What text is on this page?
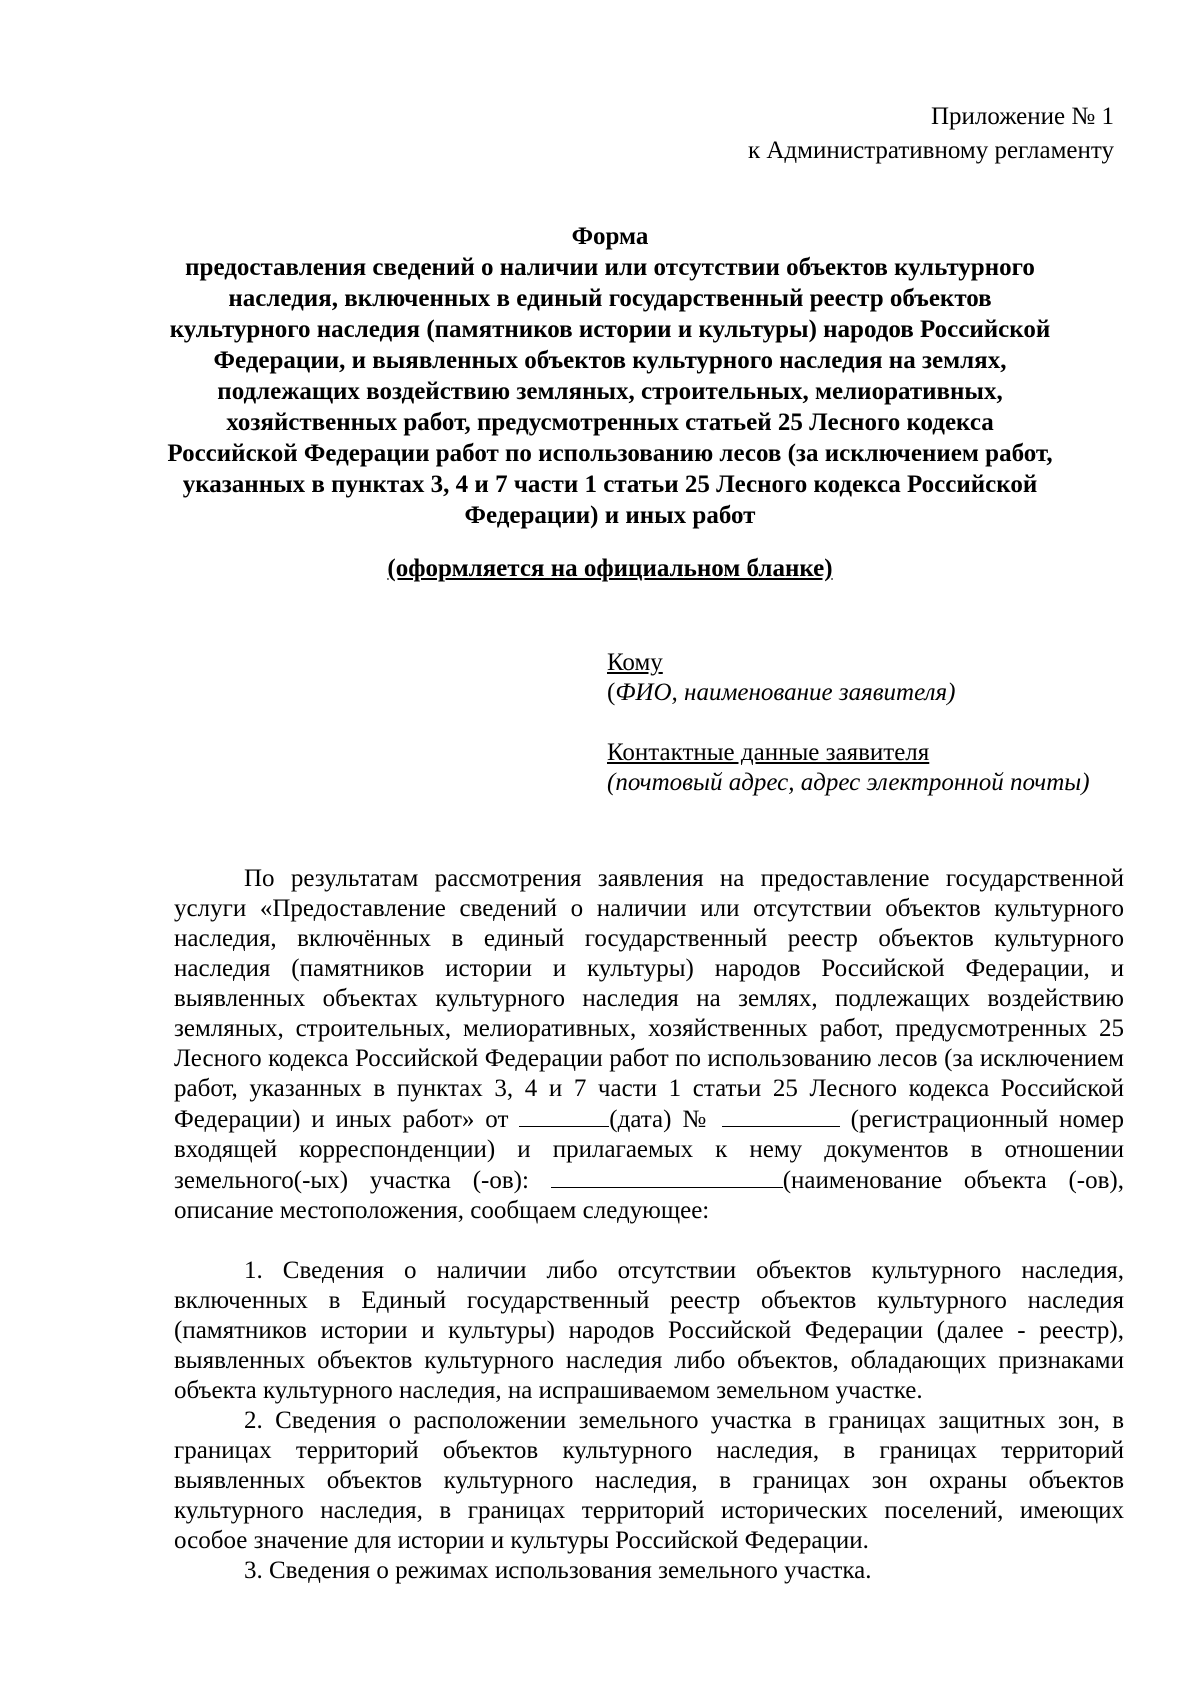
Приложение № 1
к Административному регламенту
Форма
предоставления сведений о наличии или отсутствии объектов культурного
наследия, включенных в единый государственный реестр объектов
культурного наследия (памятников истории и культуры) народов Российской
Федерации, и выявленных объектов культурного наследия на землях,
подлежащих воздействию земляных, строительных, мелиоративных,
хозяйственных работ, предусмотренных статьей 25 Лесного кодекса
Российской Федерации работ по использованию лесов (за исключением работ,
указанных в пунктах 3, 4 и 7 части 1 статьи 25 Лесного кодекса Российской
Федерации) и иных работ
(оформляется на официальном бланке)
Кому
(ФИО, наименование заявителя)
Контактные данные заявителя
(почтовый адрес, адрес электронной почты)

По результатам рассмотрения заявления на предоставление государственной услуги «Предоставление сведений о наличии или отсутствии объектов культурного наследия, включённых в единый государственный реестр объектов культурного наследия (памятников истории и культуры) народов Российской Федерации, и выявленных объектах культурного наследия на землях, подлежащих воздействию земляных, строительных, мелиоративных, хозяйственных работ, предусмотренных 25 Лесного кодекса Российской Федерации работ по использованию лесов (за исключением работ, указанных в пунктах 3, 4 и 7 части 1 статьи 25 Лесного кодекса Российской Федерации) и иных работ» от	(дата) №	(регистрационный номер входящей корреспонденции) и прилагаемых к нему документов в отношении земельного(-ых) участка (-ов):	(наименование объекта (-ов), описание местоположения, сообщаем следующее:

1. Сведения о наличии либо отсутствии объектов культурного наследия, включенных в Единый государственный реестр объектов культурного наследия (памятников истории и культуры) народов Российской Федерации (далее - реестр), выявленных объектов культурного наследия либо объектов, обладающих признаками объекта культурного наследия, на испрашиваемом земельном участке.

2. Сведения о расположении земельного участка в границах защитных зон, в границах территорий объектов культурного наследия, в границах территорий выявленных объектов культурного наследия, в границах зон охраны объектов культурного наследия, в границах территорий исторических поселений, имеющих особое значение для истории и культуры Российской Федерации.

3. Сведения о режимах использования земельного участка.
